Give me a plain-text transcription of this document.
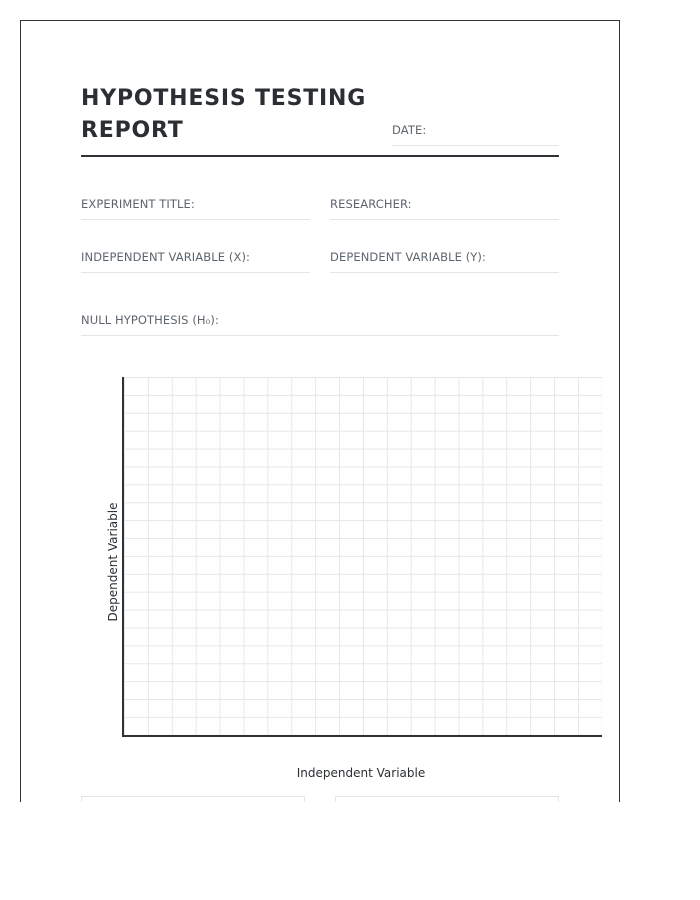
HYPOTHESIS TESTING REPORT	DATE:
EXPERIMENT TITLE:	RESEARCHER:
INDEPENDENT VARIABLE (X):	DEPENDENT VARIABLE (Y):
NULL HYPOTHESIS (H₀):
Dependent Variable
Independent Variable
